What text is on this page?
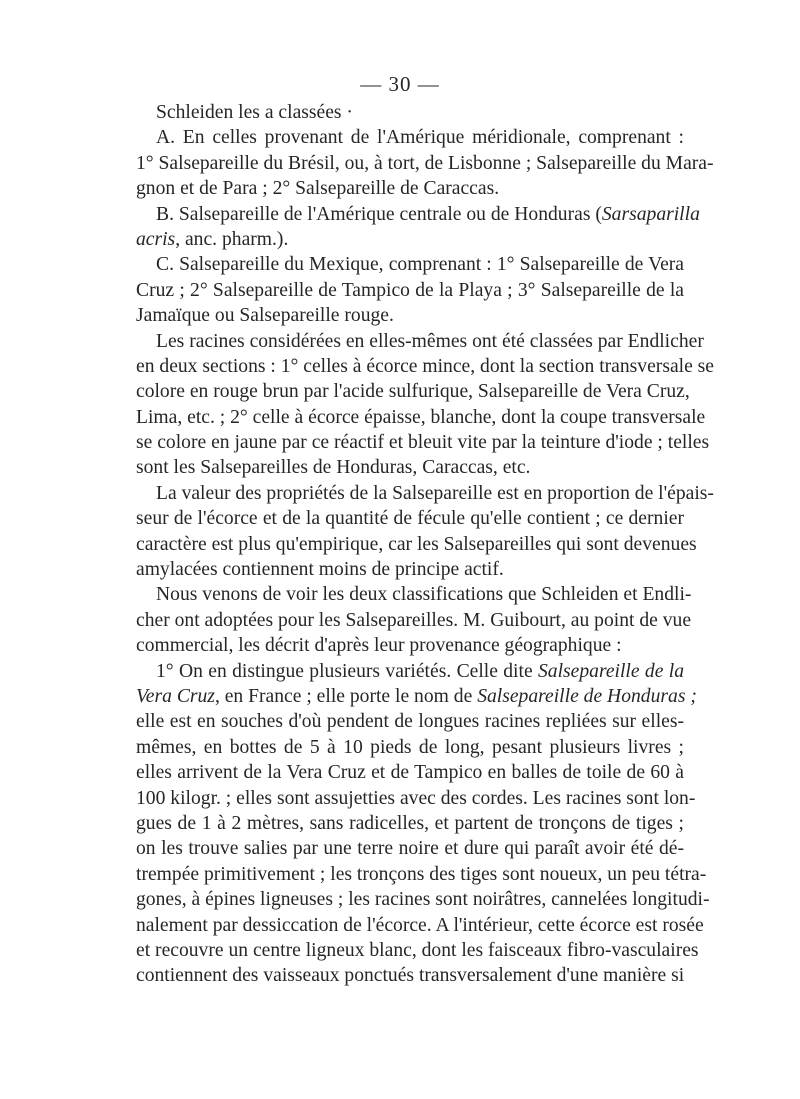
— 30 —
Schleiden les a classées ·
A. En celles provenant de l'Amérique méridionale, comprenant :
1° Salsepareille du Brésil, ou, à tort, de Lisbonne ; Salsepareille du Mara-
gnon et de Para ; 2° Salsepareille de Caraccas.
B. Salsepareille de l'Amérique centrale ou de Honduras (Sarsaparilla
acris, anc. pharm.).
C. Salsepareille du Mexique, comprenant : 1° Salsepareille de Vera
Cruz ; 2° Salsepareille de Tampico de la Playa ; 3° Salsepareille de la
Jamaïque ou Salsepareille rouge.
Les racines considérées en elles-mêmes ont été classées par Endlicher
en deux sections : 1° celles à écorce mince, dont la section transversale se
colore en rouge brun par l'acide sulfurique, Salsepareille de Vera Cruz,
Lima, etc. ; 2° celle à écorce épaisse, blanche, dont la coupe transversale
se colore en jaune par ce réactif et bleuit vite par la teinture d'iode ; telles
sont les Salsepareilles de Honduras, Caraccas, etc.
La valeur des propriétés de la Salsepareille est en proportion de l'épais-
seur de l'écorce et de la quantité de fécule qu'elle contient ; ce dernier
caractère est plus qu'empirique, car les Salsepareilles qui sont devenues
amylacées contiennent moins de principe actif.
Nous venons de voir les deux classifications que Schleiden et Endli-
cher ont adoptées pour les Salsepareilles. M. Guibourt, au point de vue
commercial, les décrit d'après leur provenance géographique :
1° On en distingue plusieurs variétés. Celle dite Salsepareille de la
Vera Cruz, en France ; elle porte le nom de Salsepareille de Honduras ;
elle est en souches d'où pendent de longues racines repliées sur elles-
mêmes, en bottes de 5 à 10 pieds de long, pesant plusieurs livres ;
elles arrivent de la Vera Cruz et de Tampico en balles de toile de 60 à
100 kilogr. ; elles sont assujetties avec des cordes. Les racines sont lon-
gues de 1 à 2 mètres, sans radicelles, et partent de tronçons de tiges ;
on les trouve salies par une terre noire et dure qui paraît avoir été dé-
trempée primitivement ; les tronçons des tiges sont noueux, un peu tétra-
gones, à épines ligneuses ; les racines sont noirâtres, cannelées longitudi-
nalement par dessiccation de l'écorce. A l'intérieur, cette écorce est rosée
et recouvre un centre ligneux blanc, dont les faisceaux fibro-vasculaires
contiennent des vaisseaux ponctués transversalement d'une manière si
